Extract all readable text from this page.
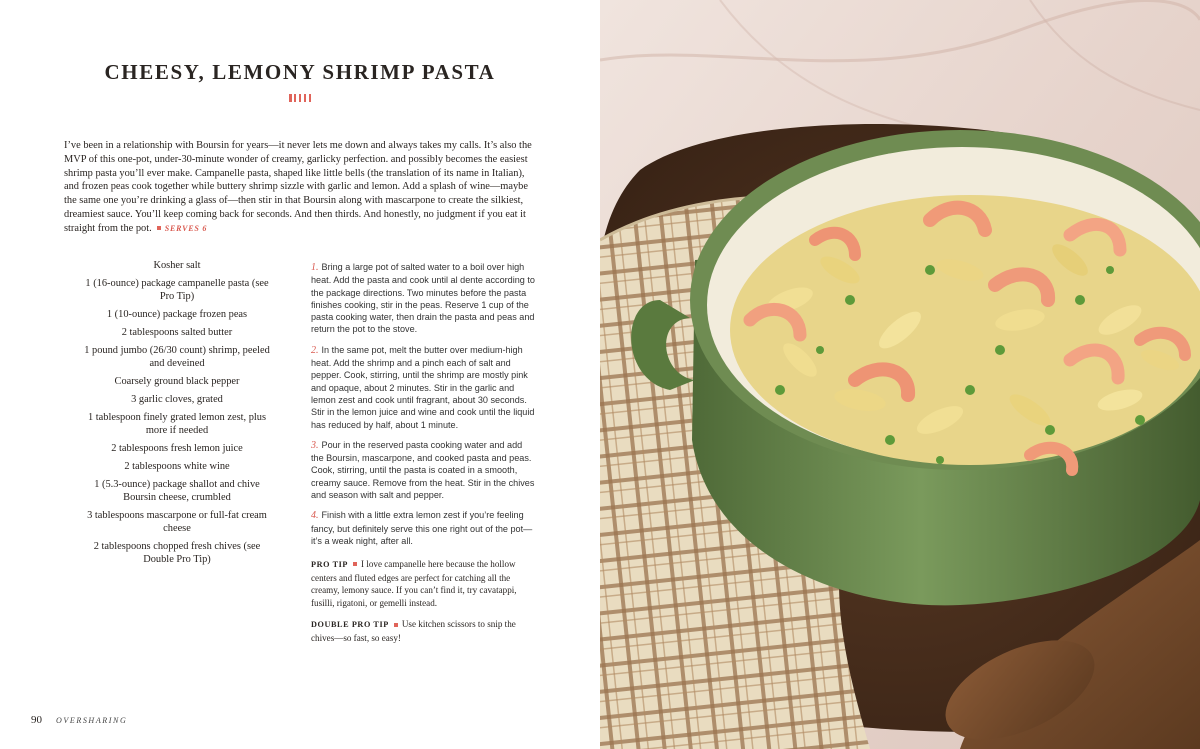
CHEESY, LEMONY SHRIMP PASTA

I’ve been in a relationship with Boursin for years—it never lets me down and always takes my calls. It’s also the MVP of this one-pot, under-30-minute wonder of creamy, garlicky perfection. and possibly becomes the easiest shrimp pasta you’ll ever make. Campanelle pasta, shaped like little bells (the translation of its name in Italian), and frozen peas cook together while buttery shrimp sizzle with garlic and lemon. Add a splash of wine—maybe the same one you’re drinking a glass of—then stir in that Boursin along with mascarpone to create the silkiest, dreamiest sauce. You’ll keep coming back for seconds. And then thirds. And honestly, no judgment if you eat it straight from the pot. SERVES 6

Kosher salt
1 (16-ounce) package campanelle pasta (see Pro Tip)
1 (10-ounce) package frozen peas
2 tablespoons salted butter
1 pound jumbo (26/30 count) shrimp, peeled and deveined
Coarsely ground black pepper
3 garlic cloves, grated
1 tablespoon finely grated lemon zest, plus more if needed
2 tablespoons fresh lemon juice
2 tablespoons white wine
1 (5.3-ounce) package shallot and chive Boursin cheese, crumbled
3 tablespoons mascarpone or full-fat cream cheese
2 tablespoons chopped fresh chives (see Double Pro Tip)

1. Bring a large pot of salted water to a boil over high heat. Add the pasta and cook until al dente according to the package directions. Two minutes before the pasta finishes cooking, stir in the peas. Reserve 1 cup of the pasta cooking water, then drain the pasta and peas and return the pot to the stove.

2. In the same pot, melt the butter over medium-high heat. Add the shrimp and a pinch each of salt and pepper. Cook, stirring, until the shrimp are mostly pink and opaque, about 2 minutes. Stir in the garlic and lemon zest and cook until fragrant, about 30 seconds. Stir in the lemon juice and wine and cook until the liquid has reduced by half, about 1 minute.

3. Pour in the reserved pasta cooking water and add the Boursin, mascarpone, and cooked pasta and peas. Cook, stirring, until the pasta is coated in a smooth, creamy sauce. Remove from the heat. Stir in the chives and season with salt and pepper.

4. Finish with a little extra lemon zest if you’re feeling fancy, but definitely serve this one right out of the pot—it’s a weak night, after all.

PRO TIP I love campanelle here because the hollow centers and fluted edges are perfect for catching all the creamy, lemony sauce. If you can’t find it, try cavatappi, fusilli, rigatoni, or gemelli instead.

DOUBLE PRO TIP Use kitchen scissors to snip the chives—so fast, so easy!

90 OVERSHARING
